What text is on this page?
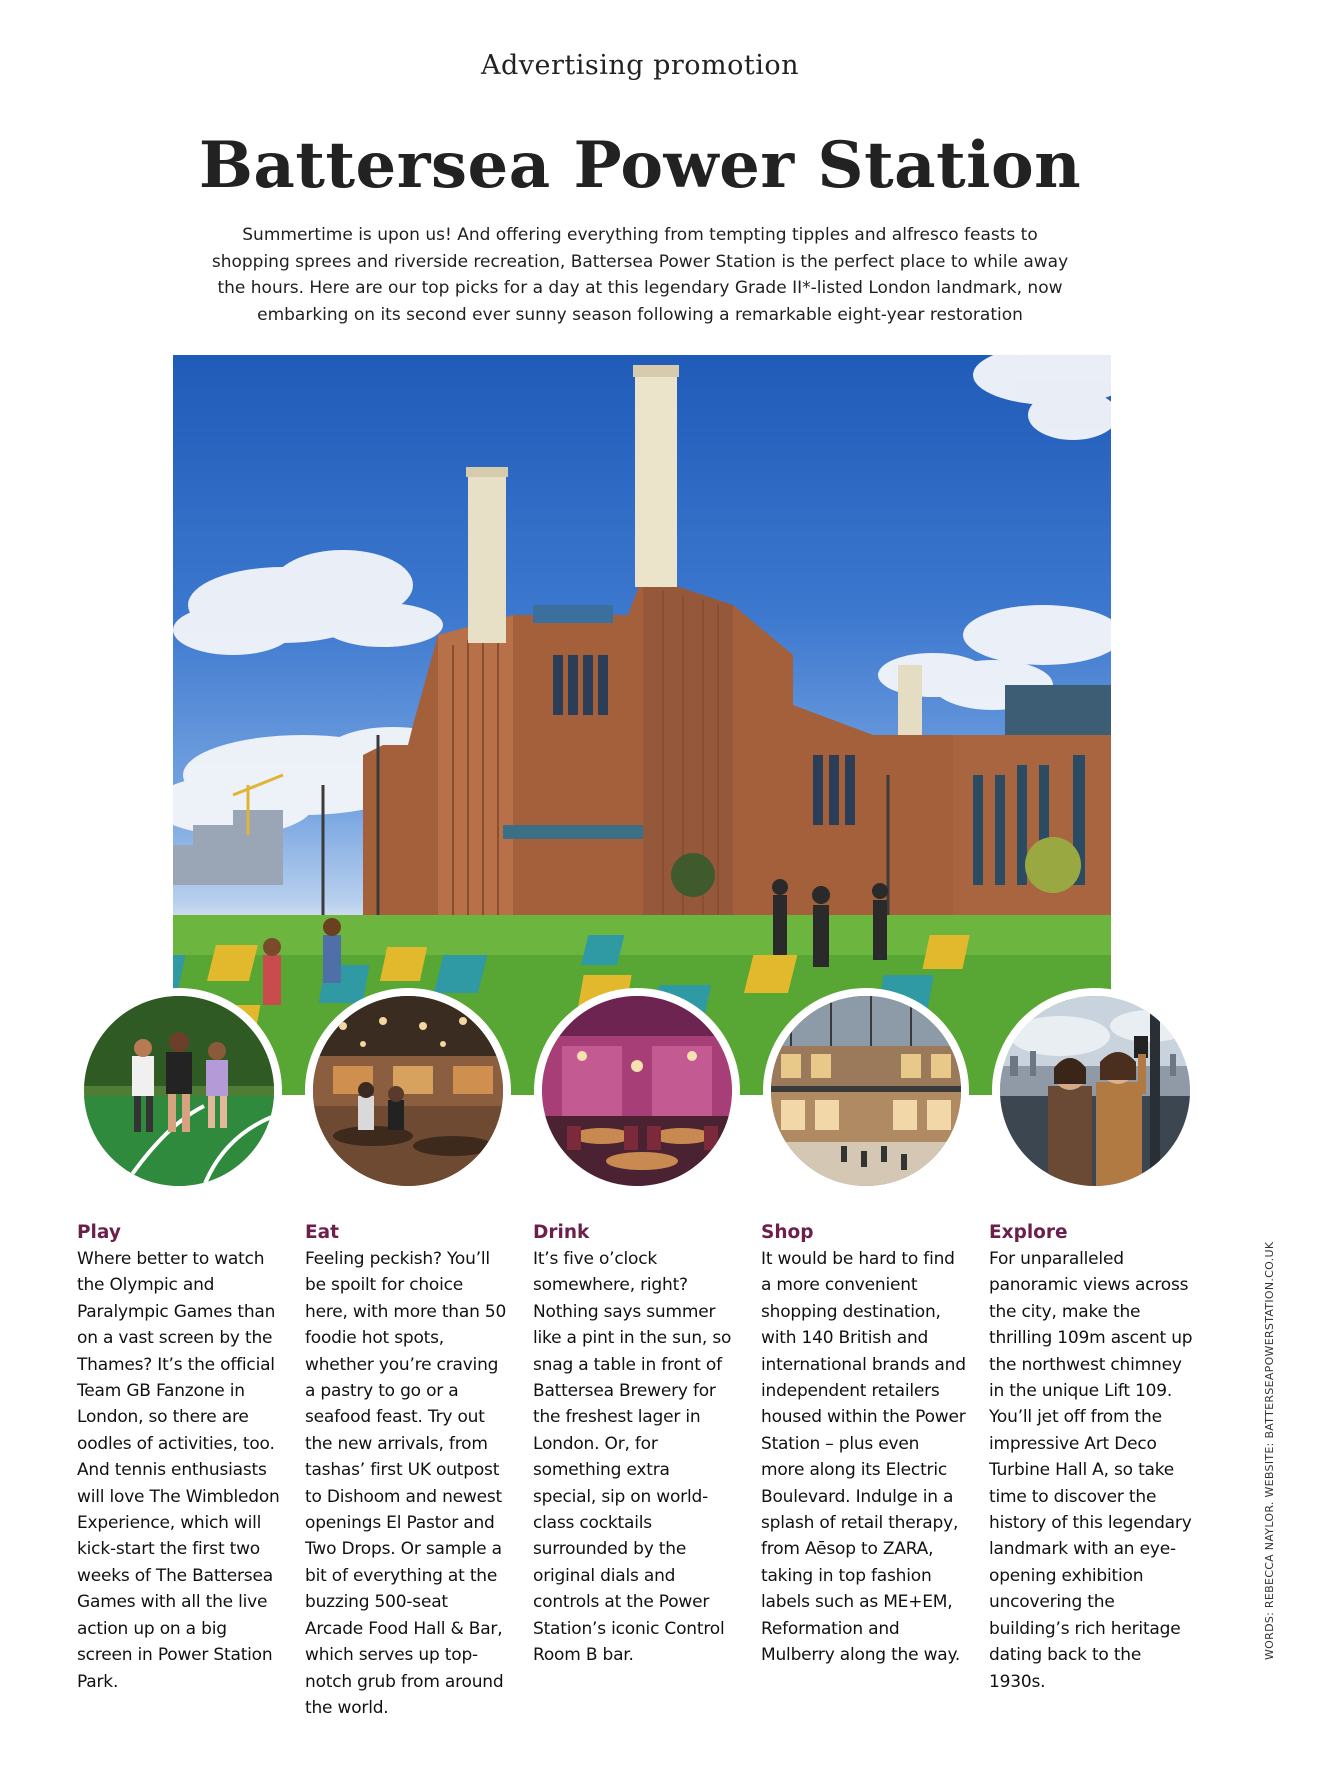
Advertising promotion
Battersea Power Station

Summertime is upon us! And offering everything from tempting tipples and alfresco feasts to shopping sprees and riverside recreation, Battersea Power Station is the perfect place to while away the hours. Here are our top picks for a day at this legendary Grade II*-listed London landmark, now embarking on its second ever sunny season following a remarkable eight-year restoration

Play

Where better to watch the Olympic and Paralympic Games than on a vast screen by the Thames? It’s the official Team GB Fanzone in London, so there are oodles of activities, too. And tennis enthusiasts will love The Wimbledon Experience, which will kick-start the first two weeks of The Battersea Games with all the live action up on a big screen in Power Station Park.

Eat

Feeling peckish? You’ll be spoilt for choice here, with more than 50 foodie hot spots, whether you’re craving a pastry to go or a seafood feast. Try out the new arrivals, from tashas’ first UK outpost to Dishoom and newest openings El Pastor and Two Drops. Or sample a bit of everything at the buzzing 500-seat Arcade Food Hall & Bar, which serves up top-notch grub from around the world.

Drink

It’s five o’clock somewhere, right? Nothing says summer like a pint in the sun, so snag a table in front of Battersea Brewery for the freshest lager in London. Or, for something extra special, sip on world-class cocktails surrounded by the original dials and controls at the Power Station’s iconic Control Room B bar.

Shop

It would be hard to find a more convenient shopping destination, with 140 British and international brands and independent retailers housed within the Power Station – plus even more along its Electric Boulevard. Indulge in a splash of retail therapy, from Aēsop to ZARA, taking in top fashion labels such as ME+EM, Reformation and Mulberry along the way.

Explore

For unparalleled panoramic views across the city, make the thrilling 109m ascent up the northwest chimney in the unique Lift 109. You’ll jet off from the impressive Art Deco Turbine Hall A, so take time to discover the history of this legendary landmark with an eye-opening exhibition uncovering the building’s rich heritage dating back to the 1930s.

WORDS: REBECCA NAYLOR. WEBSITE: BATTERSEAPOWERSTATION.CO.UK
